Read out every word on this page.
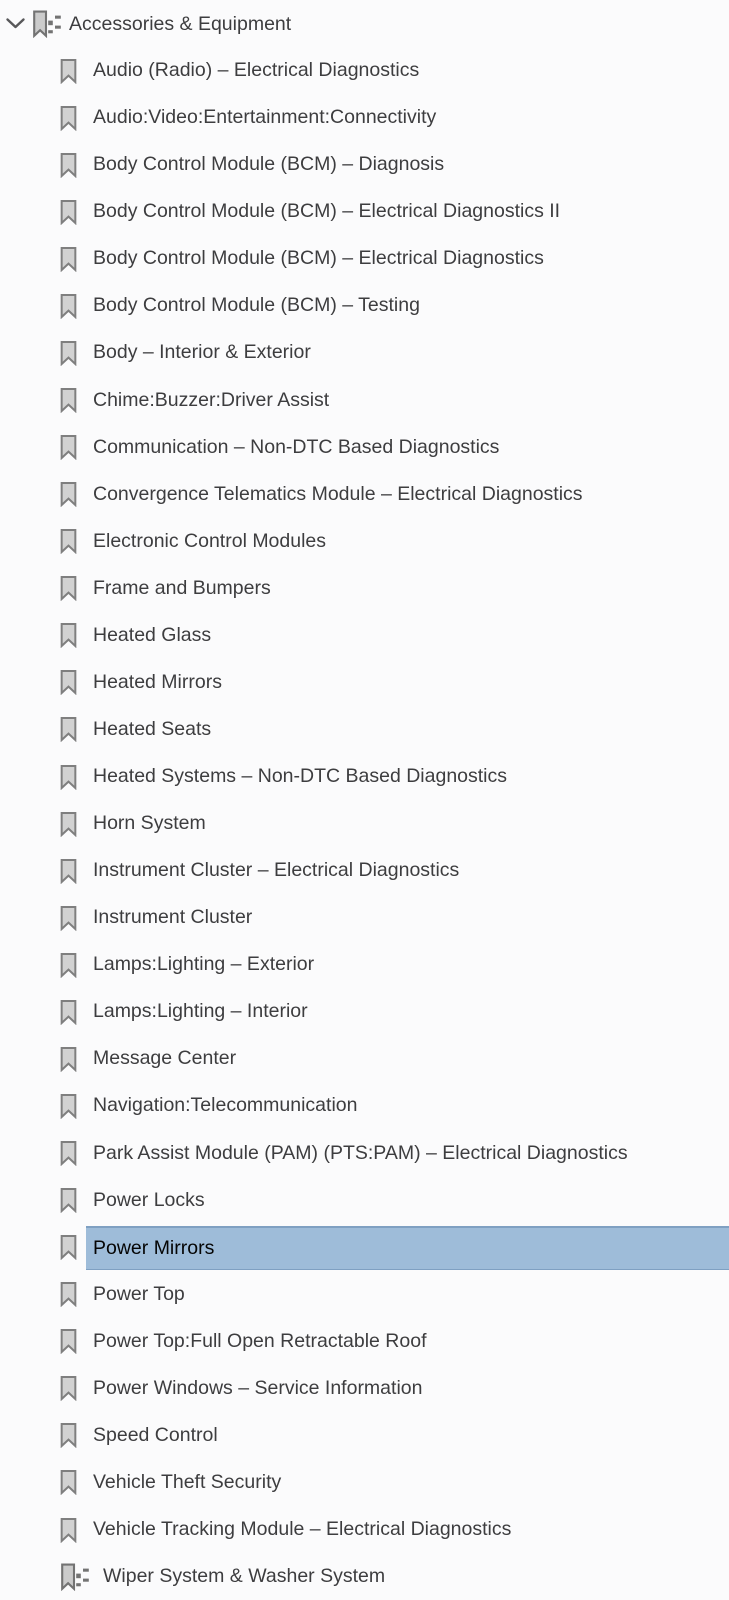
Accessories & Equipment
Audio (Radio) – Electrical Diagnostics
Audio:Video:Entertainment:Connectivity
Body Control Module (BCM) – Diagnosis
Body Control Module (BCM) – Electrical Diagnostics II
Body Control Module (BCM) – Electrical Diagnostics
Body Control Module (BCM) – Testing
Body – Interior & Exterior
Chime:Buzzer:Driver Assist
Communication – Non-DTC Based Diagnostics
Convergence Telematics Module – Electrical Diagnostics
Electronic Control Modules
Frame and Bumpers
Heated Glass
Heated Mirrors
Heated Seats
Heated Systems – Non-DTC Based Diagnostics
Horn System
Instrument Cluster – Electrical Diagnostics
Instrument Cluster
Lamps:Lighting – Exterior
Lamps:Lighting – Interior
Message Center
Navigation:Telecommunication
Park Assist Module (PAM) (PTS:PAM) – Electrical Diagnostics
Power Locks
Power Mirrors
Power Top
Power Top:Full Open Retractable Roof
Power Windows – Service Information
Speed Control
Vehicle Theft Security
Vehicle Tracking Module – Electrical Diagnostics
Wiper System & Washer System
